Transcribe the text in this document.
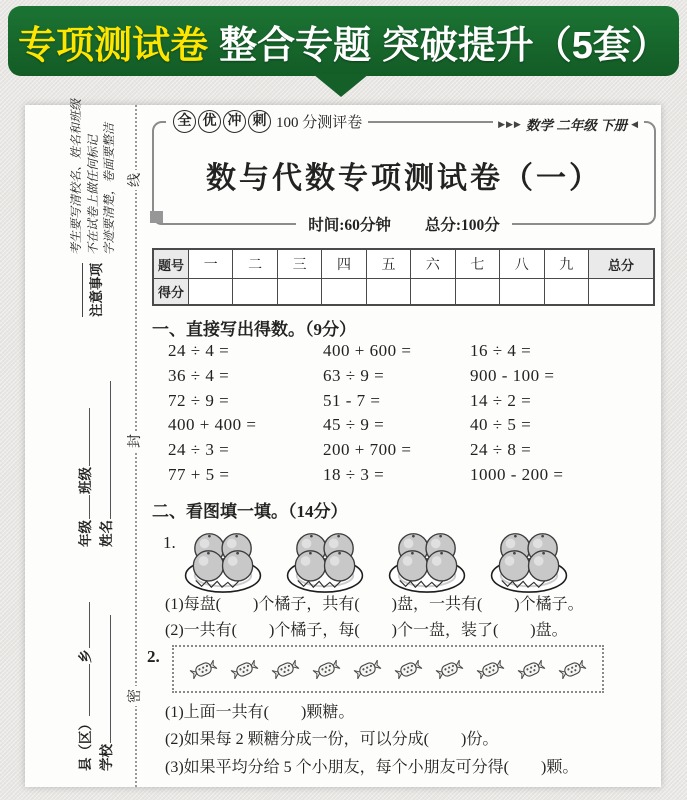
专项测试卷 整合专题 突破提升（5套）
线
封
密
注意事项
考生要写清校名、姓名和班级 不在试卷上做任何标记 字迹要清楚，卷面要整洁
年级班级
姓名
县（区）乡
学校
全 优 冲 刺 100 分测评卷	▶▶▶ 数学 二年级 下册 ◀
数与代数专项测试卷（一）
时间:60分钟 总分:100分
题号	一	二	三	四	五	六	七	八	九	总分
得分										
一、直接写出得数。（9分）
24 ÷ 4 =	400 + 600 =	16 ÷ 4 =
36 ÷ 4 =	63 ÷ 9 =	900 - 100 =
72 ÷ 9 =	51 - 7 =	14 ÷ 2 =
400 + 400 =	45 ÷ 9 =	40 ÷ 5 =
24 ÷ 3 =	200 + 700 =	24 ÷ 8 =
77 + 5 =	18 ÷ 3 =	1000 - 200 =
二、看图填一填。（14分）
1.
(1)每盘(　　)个橘子，共有(　　)盘，一共有(　　)个橘子。
(2)一共有(　　)个橘子，每(　　)个一盘，装了(　　)盘。
2.
(1)上面一共有(　　)颗糖。
(2)如果每 2 颗糖分成一份，可以分成(　　)份。
(3)如果平均分给 5 个小朋友，每个小朋友可分得(　　)颗。
